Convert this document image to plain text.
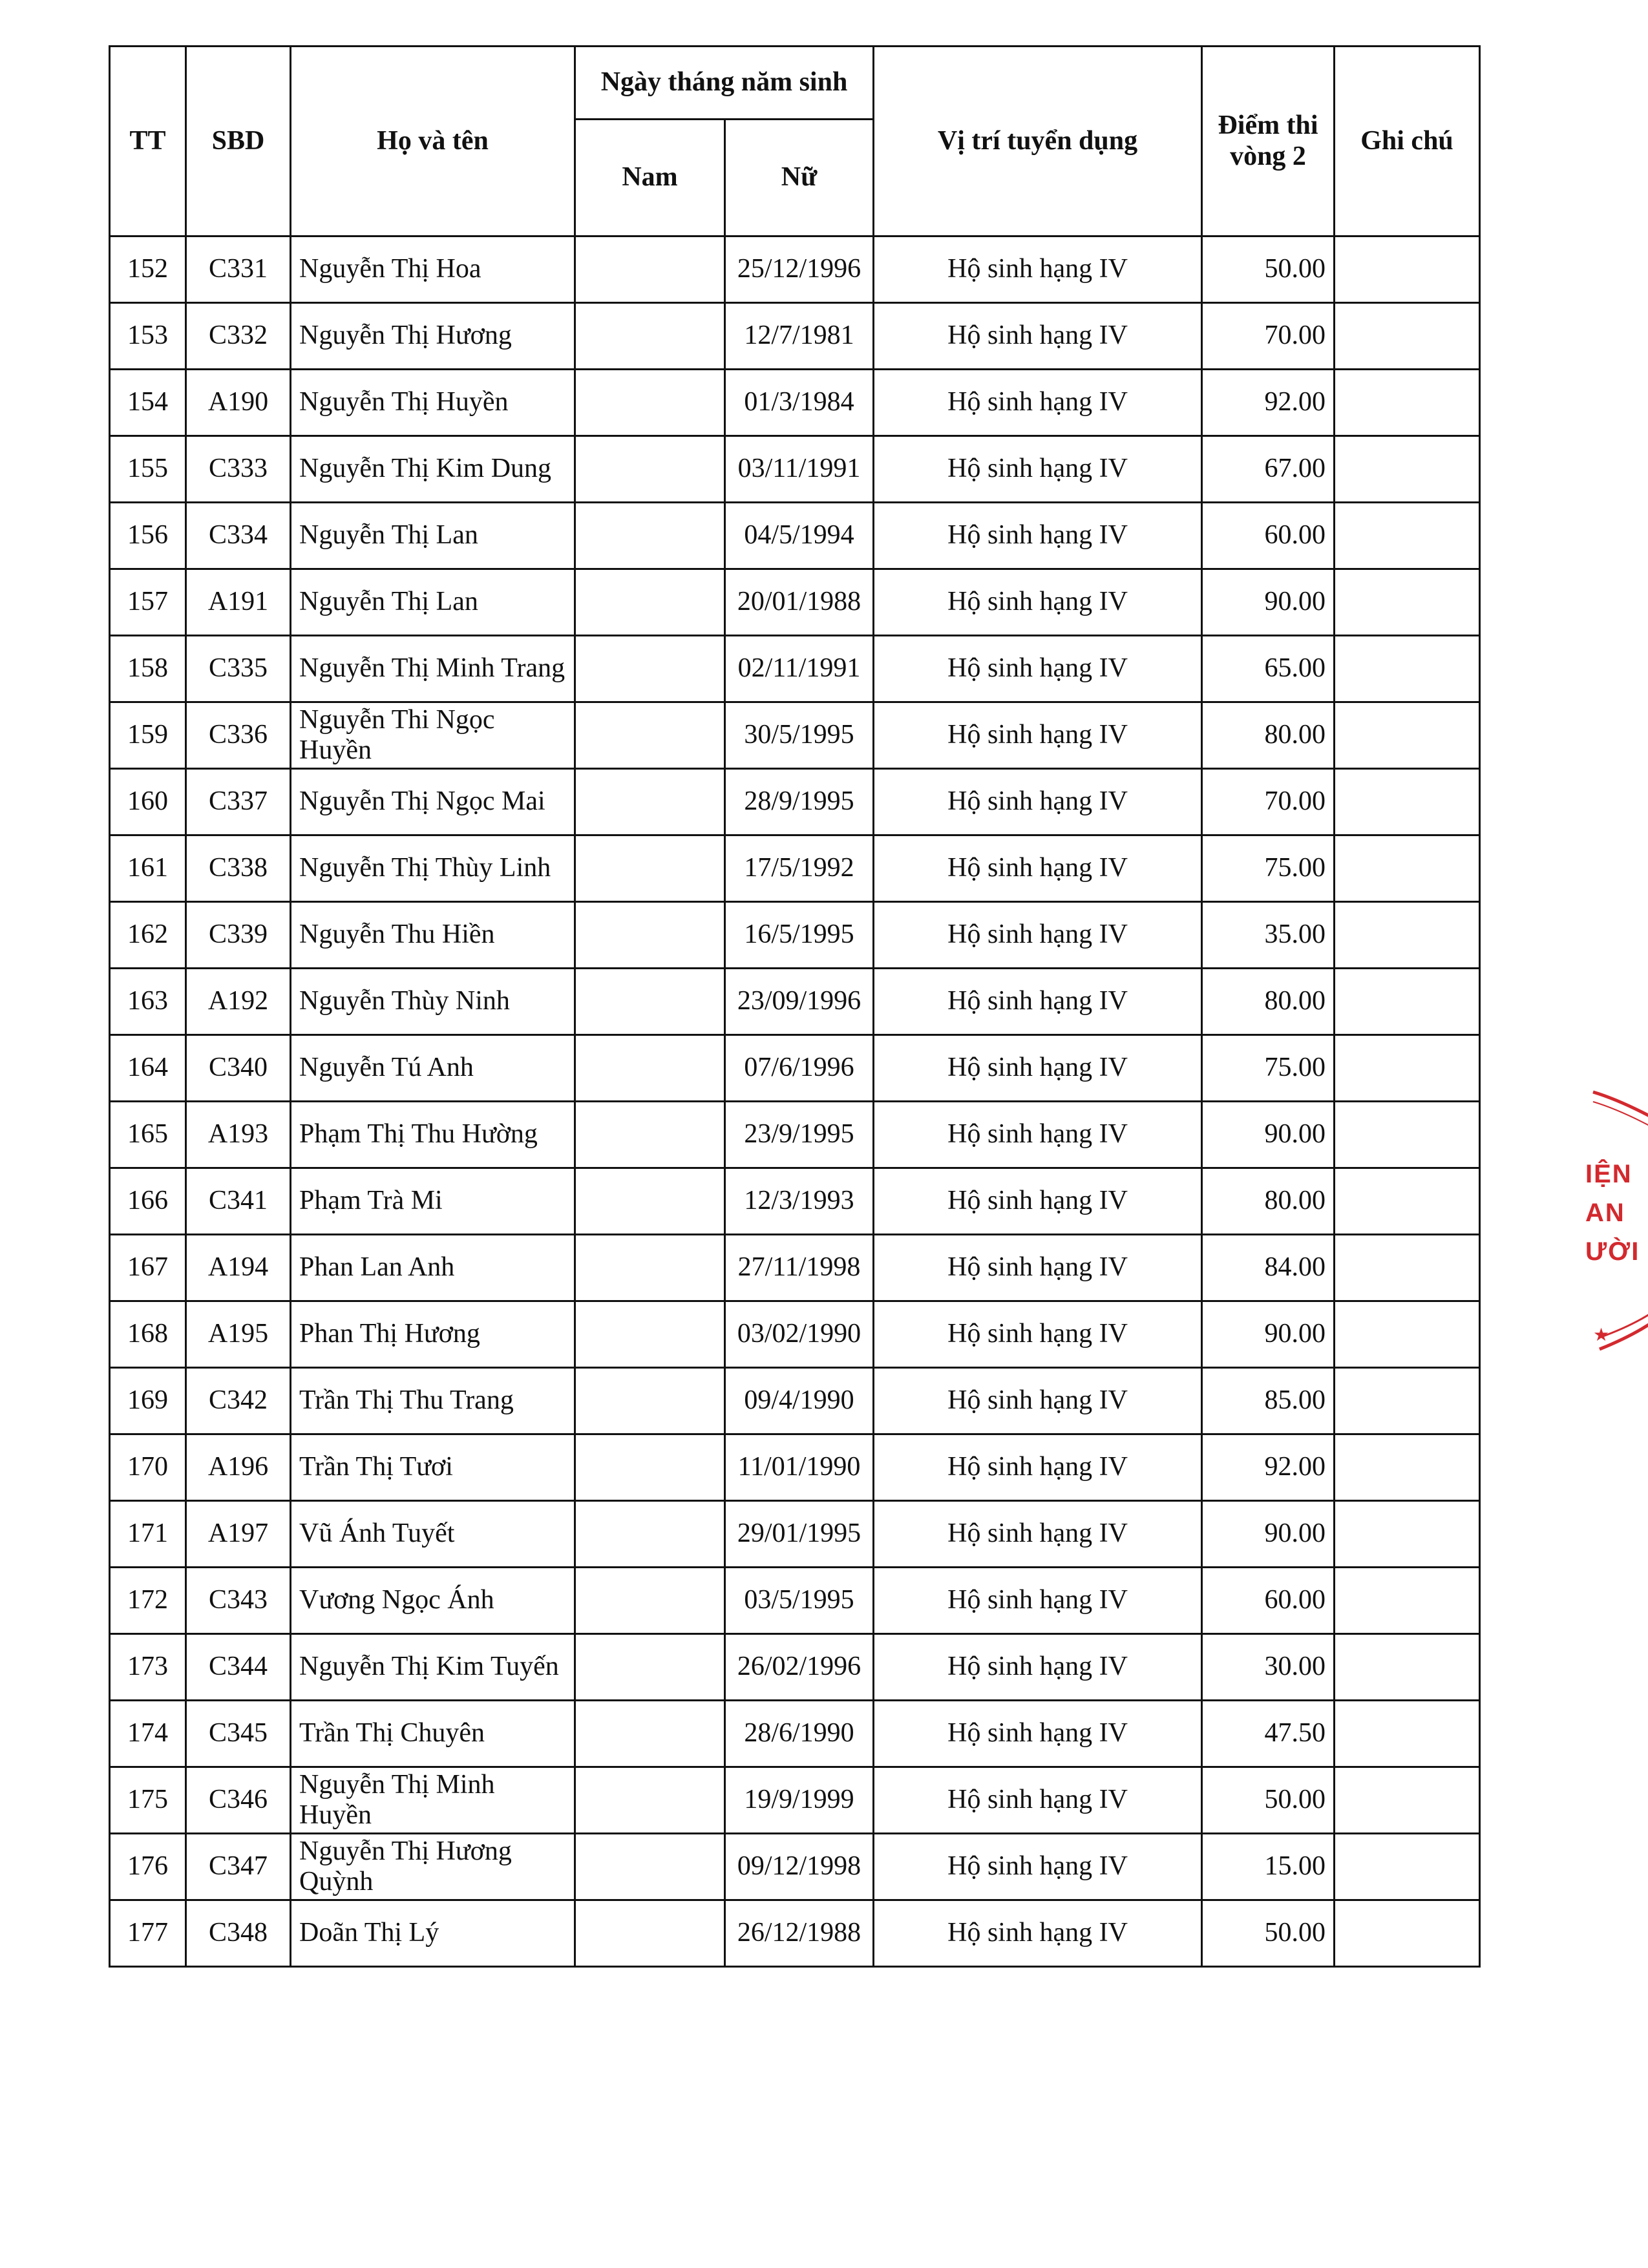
TT	SBD	Họ và tên	Ngày tháng năm sinh		Vị trí tuyển dụng	Điểm thi vòng 2	Ghi chú
			Nam	Nữ			
152	C331	Nguyễn Thị Hoa		25/12/1996	Hộ sinh hạng IV	50.00	
153	C332	Nguyễn Thị Hương		12/7/1981	Hộ sinh hạng IV	70.00	
154	A190	Nguyễn Thị Huyền		01/3/1984	Hộ sinh hạng IV	92.00	
155	C333	Nguyễn Thị Kim Dung		03/11/1991	Hộ sinh hạng IV	67.00	
156	C334	Nguyễn Thị Lan		04/5/1994	Hộ sinh hạng IV	60.00	
157	A191	Nguyễn Thị Lan		20/01/1988	Hộ sinh hạng IV	90.00	
158	C335	Nguyễn Thị Minh Trang		02/11/1991	Hộ sinh hạng IV	65.00	
159	C336	Nguyễn Thi Ngọc Huyền		30/5/1995	Hộ sinh hạng IV	80.00	
160	C337	Nguyễn Thị Ngọc Mai		28/9/1995	Hộ sinh hạng IV	70.00	
161	C338	Nguyễn Thị Thùy Linh		17/5/1992	Hộ sinh hạng IV	75.00	
162	C339	Nguyễn Thu Hiền		16/5/1995	Hộ sinh hạng IV	35.00	
163	A192	Nguyễn Thùy Ninh		23/09/1996	Hộ sinh hạng IV	80.00	
164	C340	Nguyễn Tú Anh		07/6/1996	Hộ sinh hạng IV	75.00	
165	A193	Phạm Thị Thu Hường		23/9/1995	Hộ sinh hạng IV	90.00	
166	C341	Phạm Trà Mi		12/3/1993	Hộ sinh hạng IV	80.00	
167	A194	Phan Lan Anh		27/11/1998	Hộ sinh hạng IV	84.00	
168	A195	Phan Thị Hương		03/02/1990	Hộ sinh hạng IV	90.00	
169	C342	Trần Thị Thu Trang		09/4/1990	Hộ sinh hạng IV	85.00	
170	A196	Trần Thị Tươi		11/01/1990	Hộ sinh hạng IV	92.00	
171	A197	Vũ Ánh Tuyết		29/01/1995	Hộ sinh hạng IV	90.00	
172	C343	Vương Ngọc Ánh		03/5/1995	Hộ sinh hạng IV	60.00	
173	C344	Nguyễn Thị Kim Tuyến		26/02/1996	Hộ sinh hạng IV	30.00	
174	C345	Trần Thị Chuyên		28/6/1990	Hộ sinh hạng IV	47.50	
175	C346	Nguyễn Thị Minh Huyền		19/9/1999	Hộ sinh hạng IV	50.00	
176	C347	Nguyễn Thị Hương Quỳnh		09/12/1998	Hộ sinh hạng IV	15.00	
177	C348	Doãn Thị Lý		26/12/1988	Hộ sinh hạng IV	50.00	
★
IỆN
AN
ƯỜI
